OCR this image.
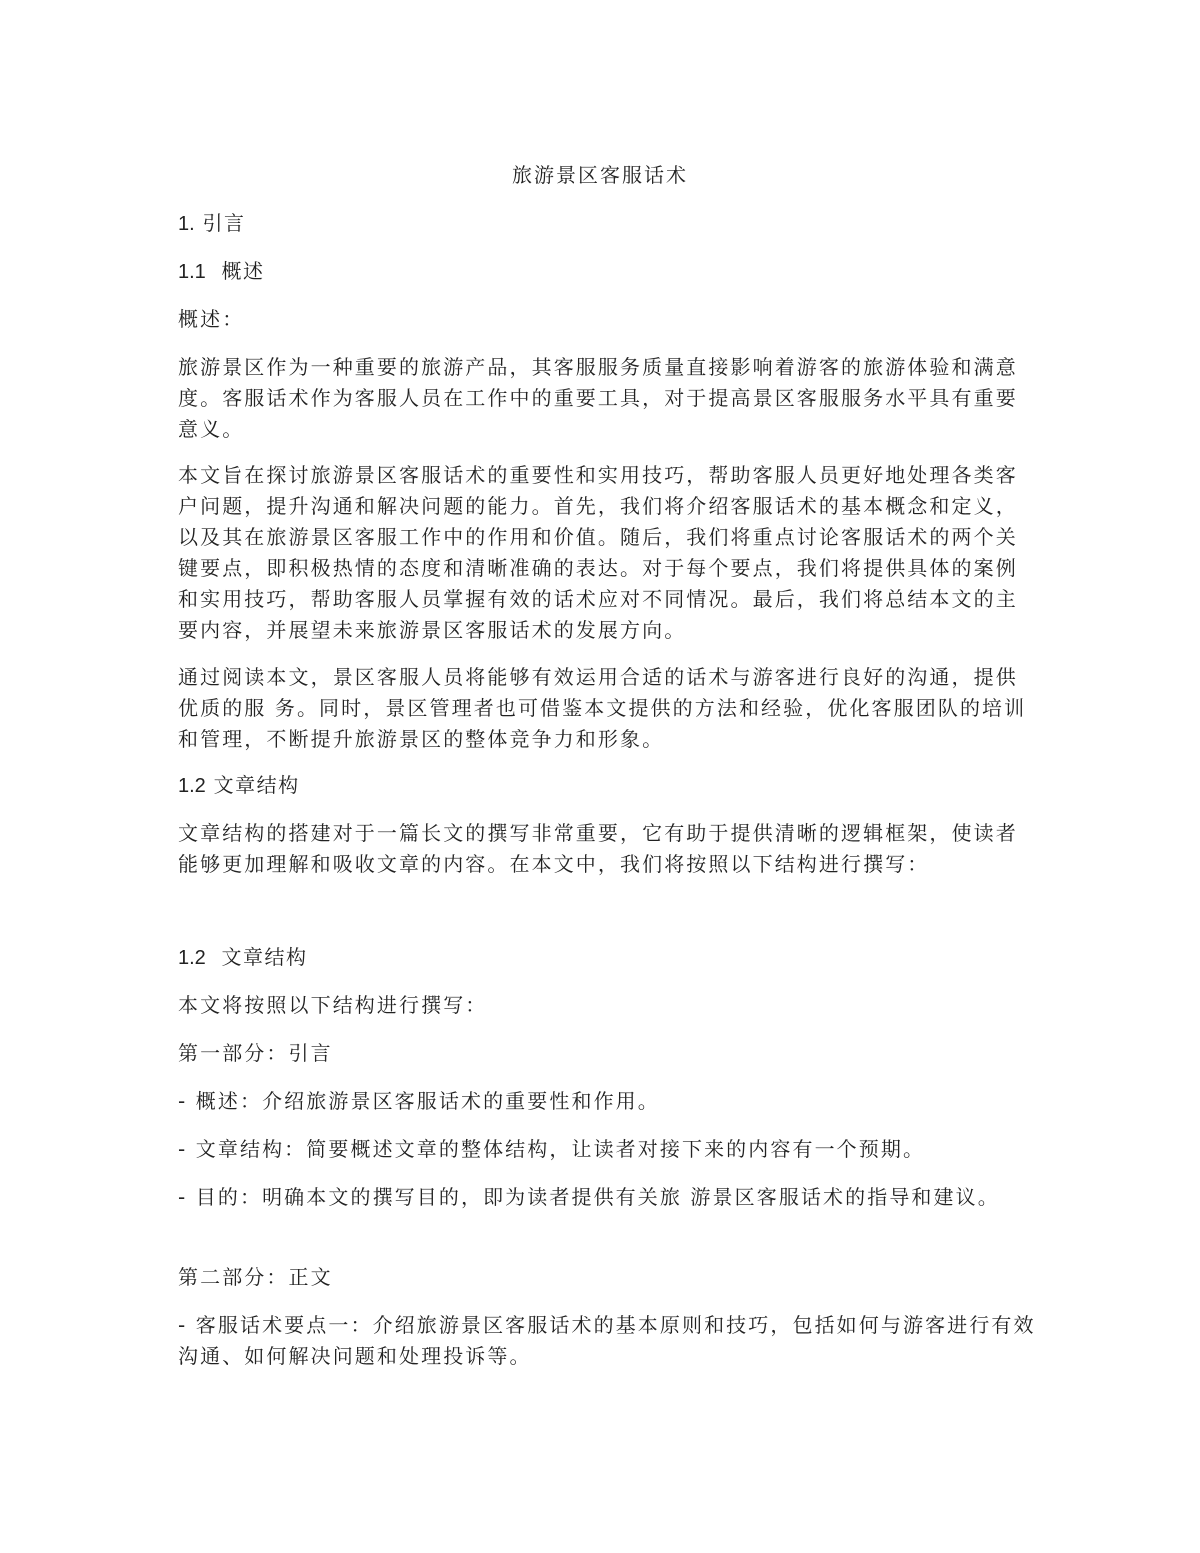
旅游景区客服话术
1. 引言
1.1 概述

概述：

旅游景区作为一种重要的旅游产品，其客服服务质量直接影响着游客的旅游体验和满意度。客服话术作为客服人员在工作中的重要工具，对于提高景区客服服务水平具有重要意义。

本文旨在探讨旅游景区客服话术的重要性和实用技巧，帮助客服人员更好地处理各类客户问题，提升沟通和解决问题的能力。首先，我们将介绍客服话术的基本概念和定义，以及其在旅游景区客服工作中的作用和价值。随后，我们将重点讨论客服话术的两个关键要点，即积极热情的态度和清晰准确的表达。对于每个要点，我们将提供具体的案例和实用技巧，帮助客服人员掌握有效的话术应对不同情况。最后，我们将总结本文的主要内容，并展望未来旅游景区客服话术的发展方向。

通过阅读本文，景区客服人员将能够有效运用合适的话术与游客进行良好的沟通，提供优质的服 务。同时，景区管理者也可借鉴本文提供的方法和经验，优化客服团队的培训和管理，不断提升旅游景区的整体竞争力和形象。

1.2 文章结构

文章结构的搭建对于一篇长文的撰写非常重要，它有助于提供清晰的逻辑框架，使读者能够更加理解和吸收文章的内容。在本文中，我们将按照以下结构进行撰写：

1.2 文章结构

本文将按照以下结构进行撰写：

第一部分：引言

- 概述：介绍旅游景区客服话术的重要性和作用。

- 文章结构：简要概述文章的整体结构，让读者对接下来的内容有一个预期。

- 目的：明确本文的撰写目的，即为读者提供有关旅 游景区客服话术的指导和建议。

第二部分：正文

- 客服话术要点一：介绍旅游景区客服话术的基本原则和技巧，包括如何与游客进行有效沟通、如何解决问题和处理投诉等。
